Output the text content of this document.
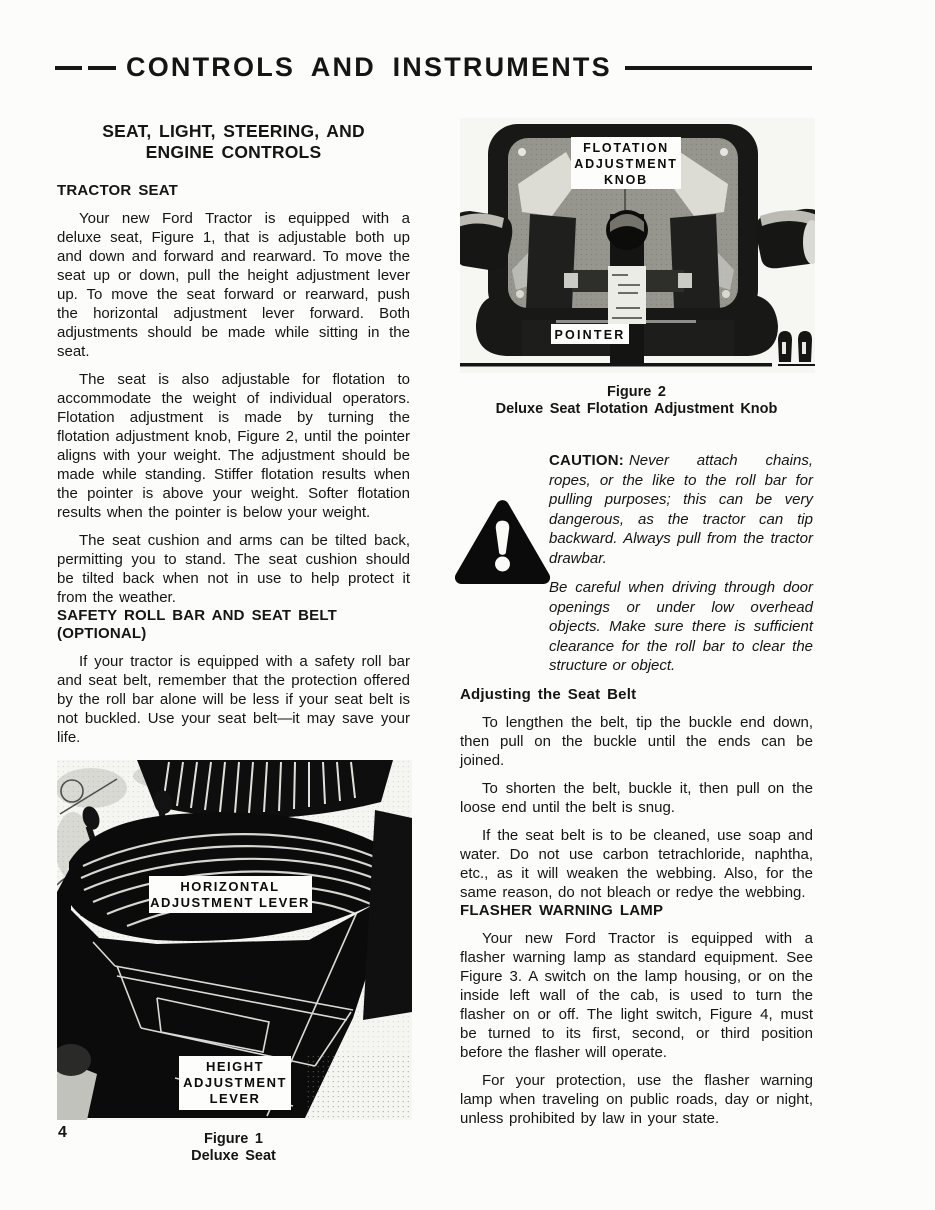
CONTROLS AND INSTRUMENTS
SEAT, LIGHT, STEERING, AND
ENGINE CONTROLS
TRACTOR SEAT

Your new Ford Tractor is equipped with a deluxe seat, Figure 1, that is adjustable both up and down and forward and rearward. To move the seat up or down, pull the height adjustment lever up. To move the seat forward or rearward, push the horizontal adjustment lever forward. Both adjustments should be made while sitting in the seat.

The seat is also adjustable for flotation to accommodate the weight of individual operators. Flotation adjustment is made by turning the flotation adjustment knob, Figure 2, until the pointer aligns with your weight. The adjustment should be made while standing. Stiffer flotation results when the pointer is above your weight. Softer flotation results when the pointer is below your weight.

The seat cushion and arms can be tilted back, permitting you to stand. The seat cushion should be tilted back when not in use to help protect it from the weather.

SAFETY ROLL BAR AND SEAT BELT (OPTIONAL)

If your tractor is equipped with a safety roll bar and seat belt, remember that the protection offered by the roll bar alone will be less if your seat belt is not buckled. Use your seat belt—it may save your life.

HORIZONTAL
ADJUSTMENT LEVER
HEIGHT
ADJUSTMENT
LEVER
Figure 1
Deluxe Seat
FLOTATION
ADJUSTMENT
KNOB
POINTER
Figure 2
Deluxe Seat Flotation Adjustment Knob

CAUTION: Never attach chains, ropes, or the like to the roll bar for pulling purposes; this can be very dangerous, as the tractor can tip backward. Always pull from the tractor drawbar.

Be careful when driving through door openings or under low overhead objects. Make sure there is sufficient clearance for the roll bar to clear the structure or object.

Adjusting the Seat Belt

To lengthen the belt, tip the buckle end down, then pull on the buckle until the ends can be joined.

To shorten the belt, buckle it, then pull on the loose end until the belt is snug.

If the seat belt is to be cleaned, use soap and water. Do not use carbon tetrachloride, naphtha, etc., as it will weaken the webbing. Also, for the same reason, do not bleach or redye the webbing.

FLASHER WARNING LAMP

Your new Ford Tractor is equipped with a flasher warning lamp as standard equipment. See Figure 3. A switch on the lamp housing, or on the inside left wall of the cab, is used to turn the flasher on or off. The light switch, Figure 4, must be turned to its first, second, or third position before the flasher will operate.

For your protection, use the flasher warning lamp when traveling on public roads, day or night, unless prohibited by law in your state.

4
